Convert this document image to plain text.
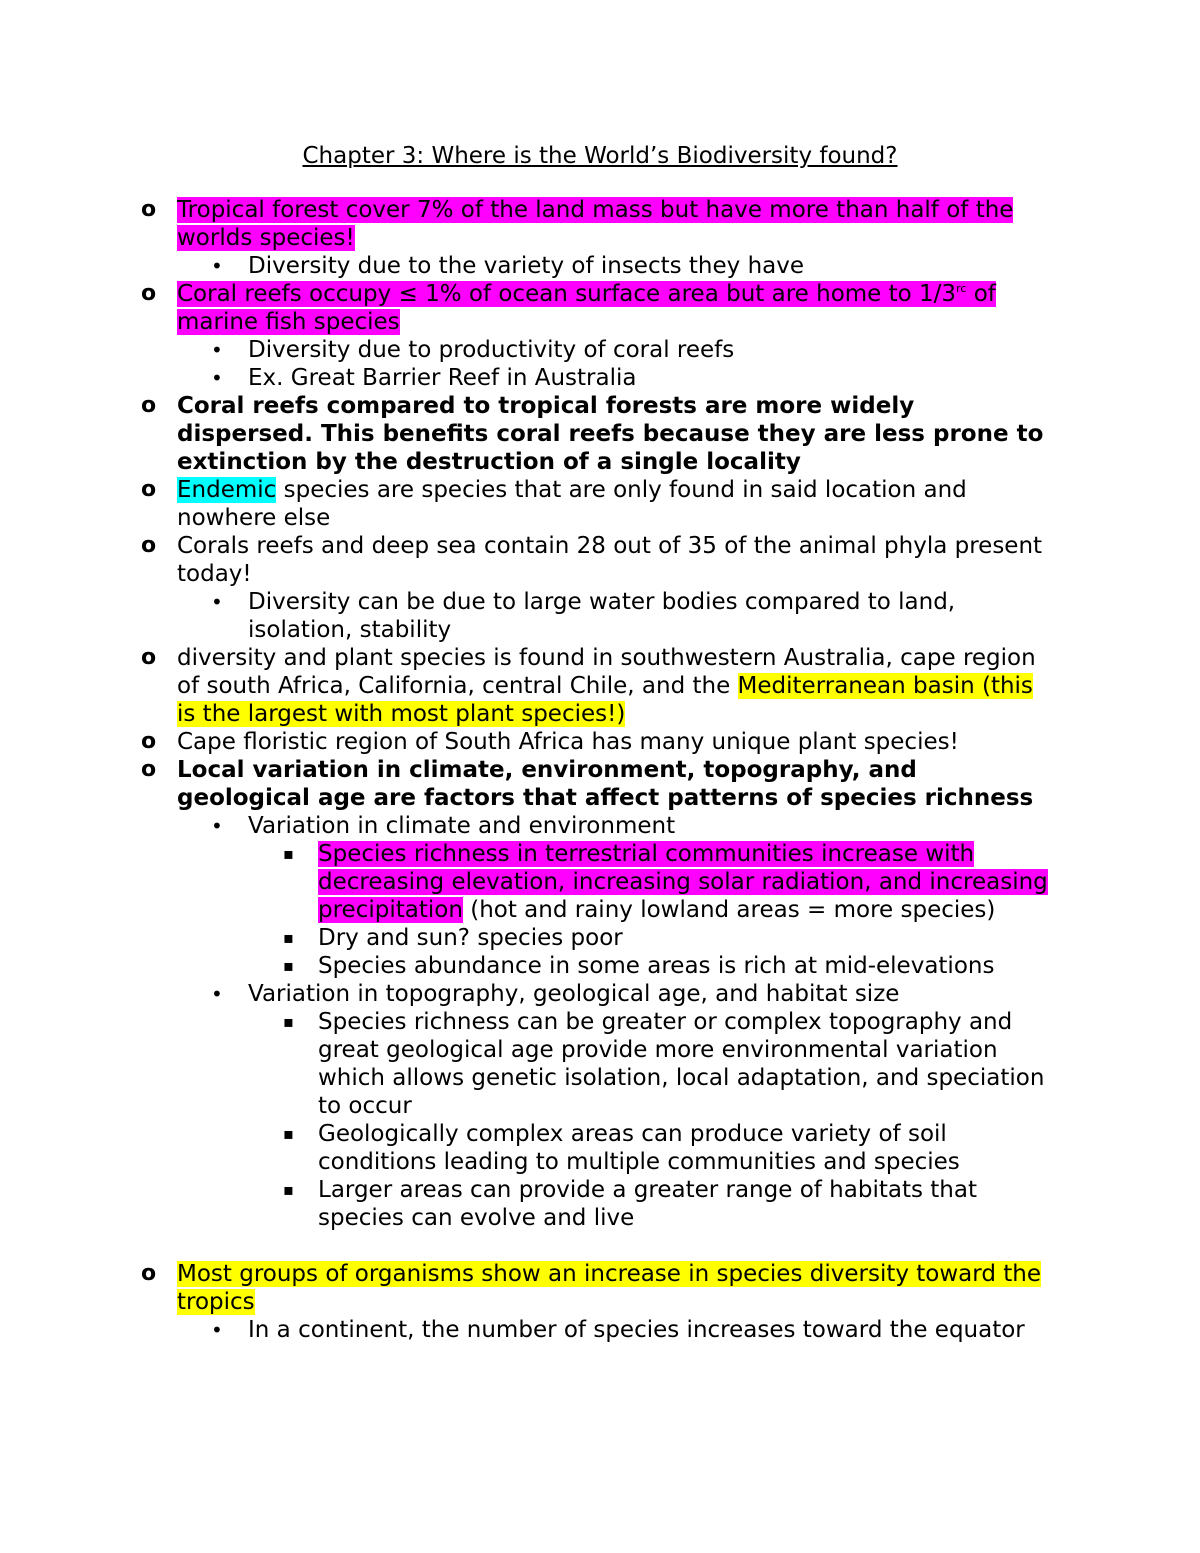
Chapter 3: Where is the World’s Biodiversity found?
o Tropical forest cover 7% of the land mass but have more than half of the worlds species!
• Diversity due to the variety of insects they have
o Coral reefs occupy ≤ 1% of ocean surface area but are home to $1/3^{rc}$ of marine fish species
• Diversity due to productivity of coral reefs
• Ex. Great Barrier Reef in Australia
o Coral reefs compared to tropical forests are more widely dispersed. This benefits coral reefs because they are less prone to extinction by the destruction of a single locality
o Endemic species are species that are only found in said location and nowhere else
o Corals reefs and deep sea contain 28 out of 35 of the animal phyla present today!
• Diversity can be due to large water bodies compared to land, isolation, stability
o diversity and plant species is found in southwestern Australia, cape region of south Africa, California, central Chile, and the Mediterranean basin (this is the largest with most plant species!)
o Cape floristic region of South Africa has many unique plant species!
o Local variation in climate, environment, topography, and geological age are factors that affect patterns of species richness
• Variation in climate and environment
▪ Species richness in terrestrial communities increase with decreasing elevation, increasing solar radiation, and increasing precipitation (hot and rainy lowland areas = more species)
▪ Dry and sun? species poor
▪ Species abundance in some areas is rich at mid-elevations
• Variation in topography, geological age, and habitat size
▪ Species richness can be greater or complex topography and great geological age provide more environmental variation which allows genetic isolation, local adaptation, and speciation to occur
▪ Geologically complex areas can produce variety of soil conditions leading to multiple communities and species
▪ Larger areas can provide a greater range of habitats that species can evolve and live
o Most groups of organisms show an increase in species diversity toward the tropics
• In a continent, the number of species increases toward the equator
